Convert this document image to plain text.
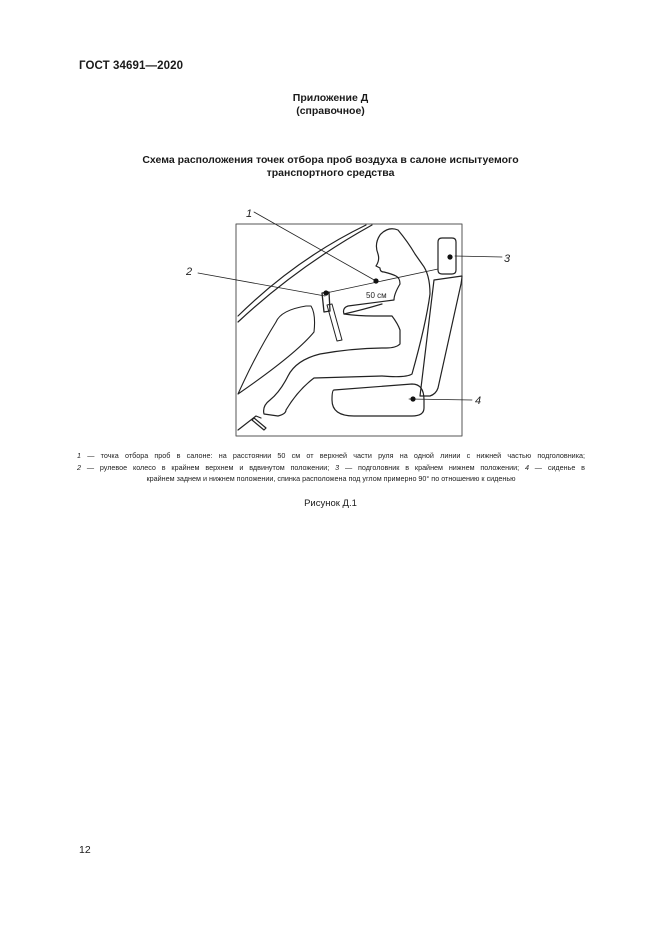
ГОСТ 34691—2020
Приложение Д
(справочное)
Схема расположения точек отбора проб воздуха в салоне испытуемого
транспортного средства
50 см
1
2
3
4
1 — точка отбора проб в салоне: на расстоянии 50 см от верхней части руля на одной линии с нижней частью подголовника;
2 — рулевое колесо в крайнем верхнем и вдвинутом положении; 3 — подголовник в крайнем нижнем положении; 4 — сиденье в
крайнем заднем и нижнем положении, спинка расположена под углом примерно 90° по отношению к сиденью
Рисунок Д.1
12
